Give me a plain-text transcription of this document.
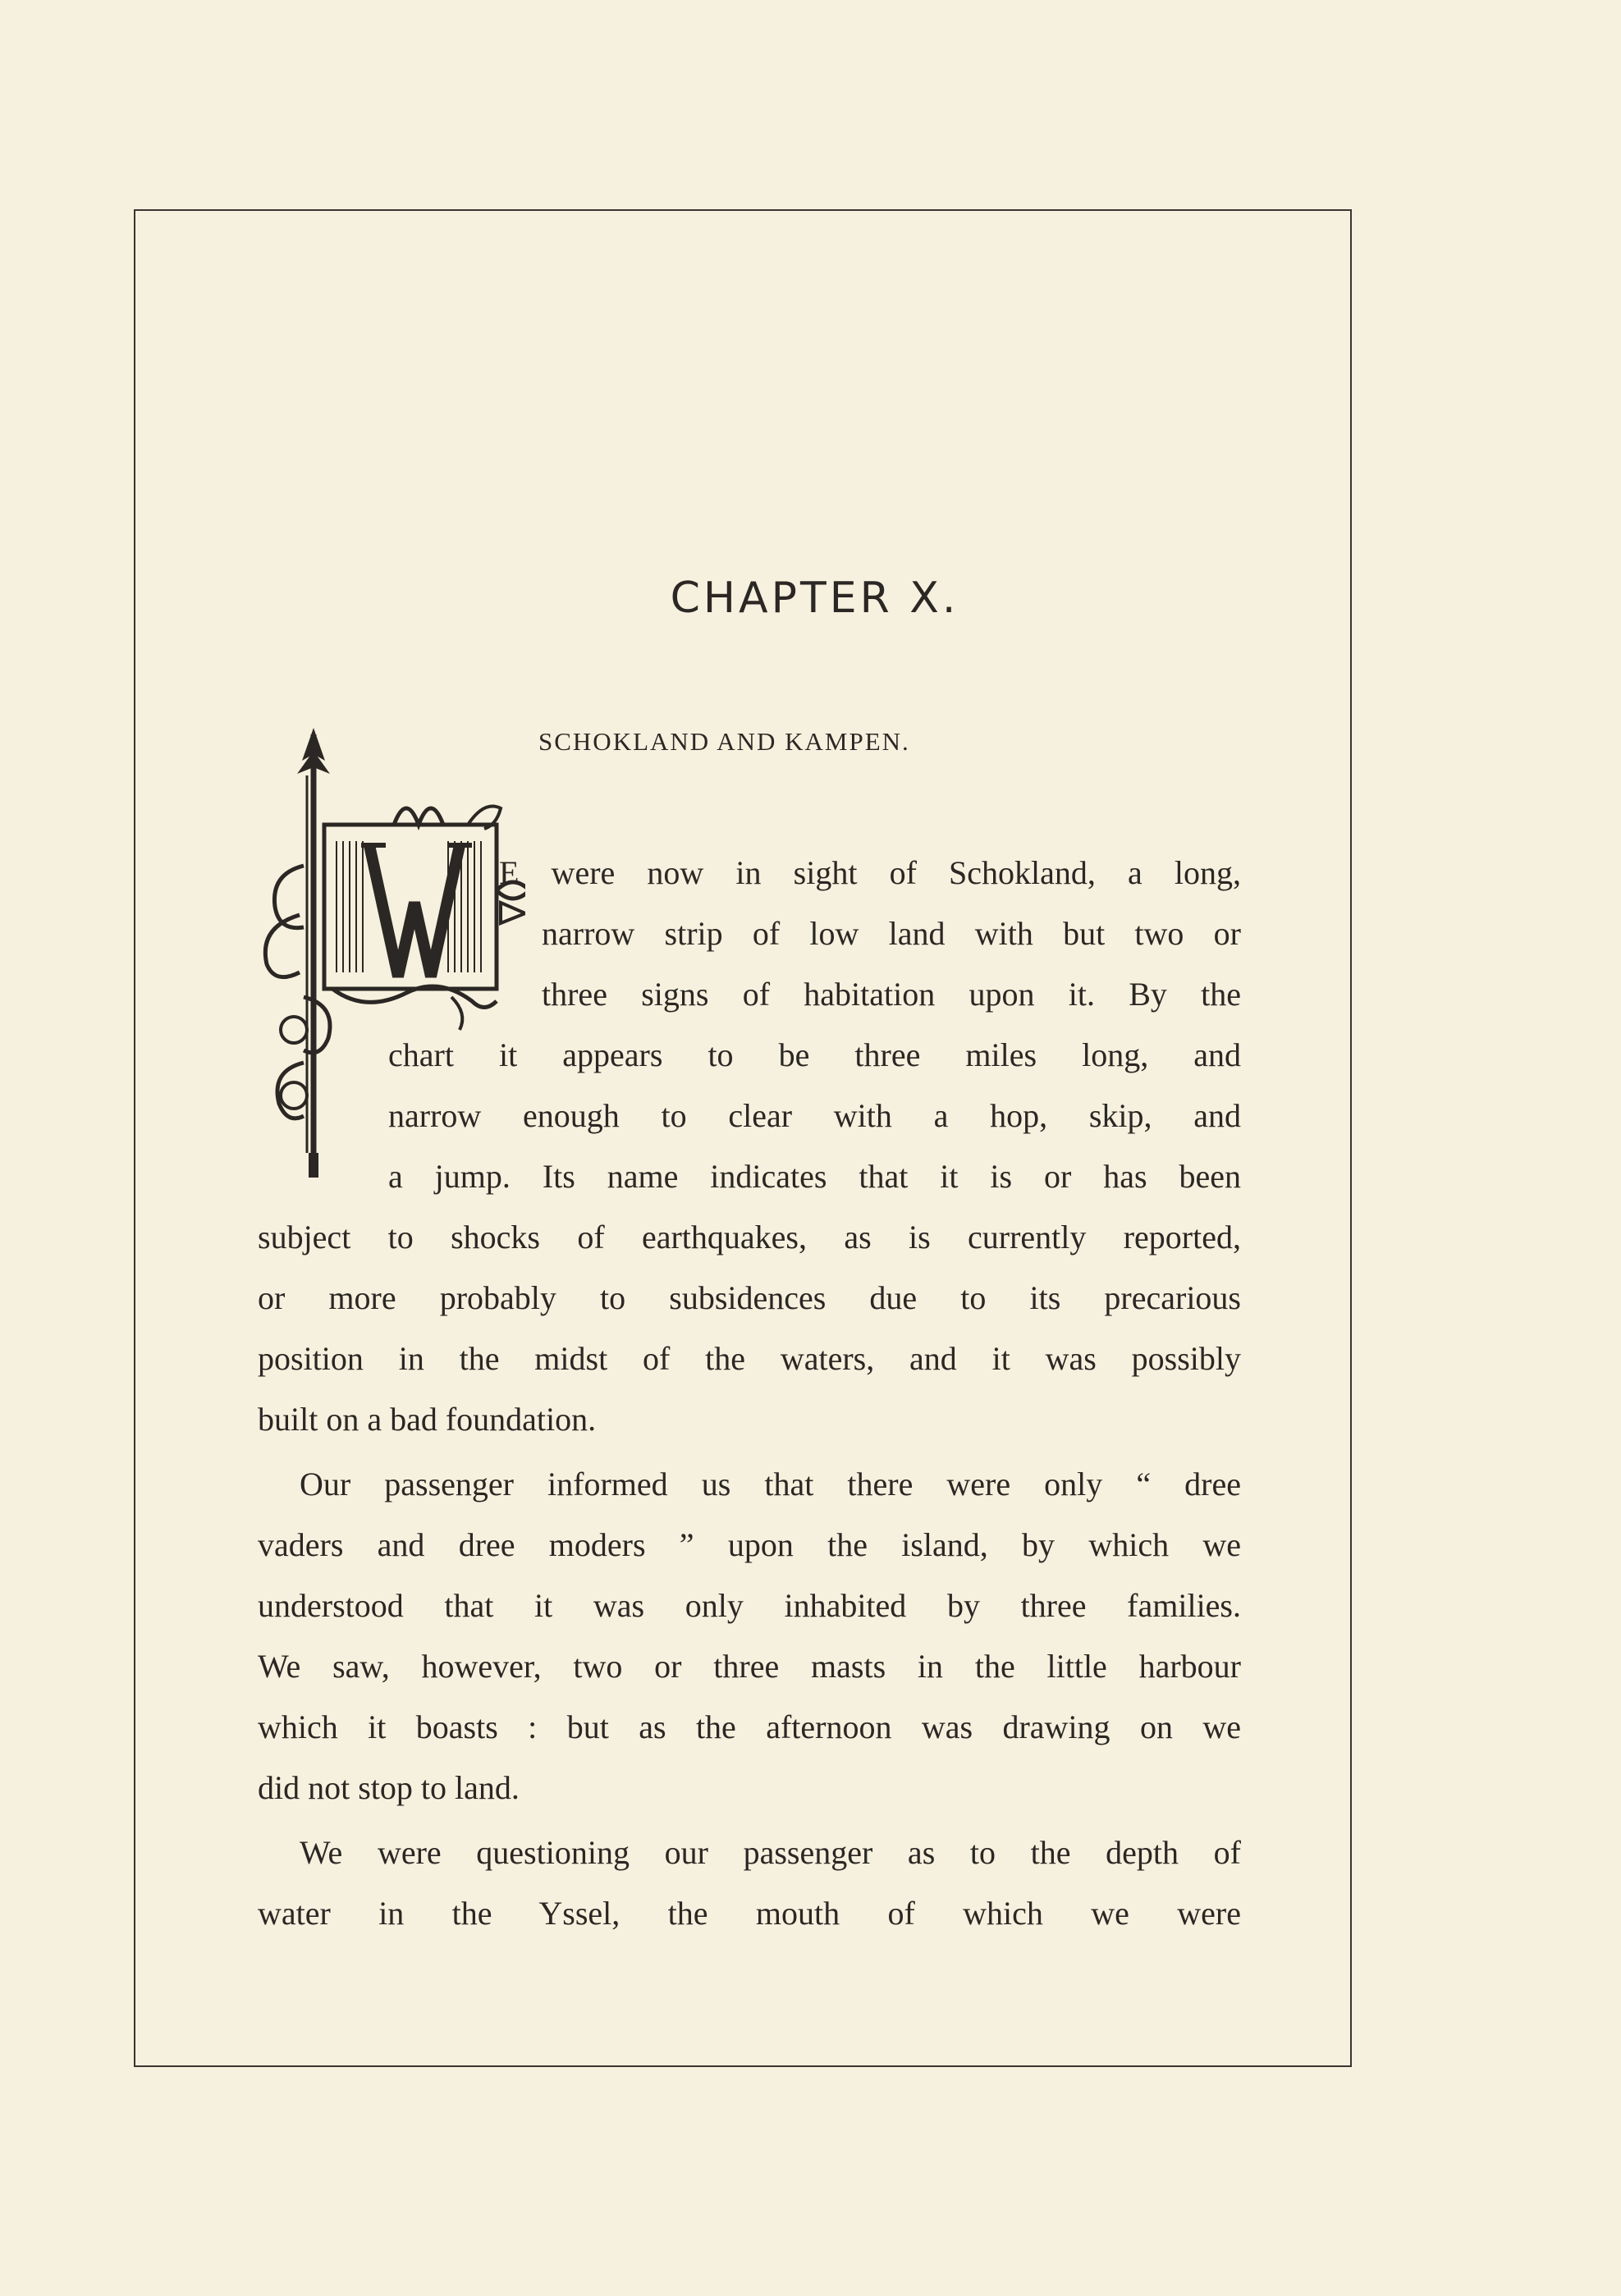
CHAPTER X.
SCHOKLAND AND KAMPEN.
E were now in sight of Schokland, a long,
narrow strip of low land with but two or
three signs of habitation upon it. By the
chart it appears to be three miles long, and
narrow enough to clear with a hop, skip, and
a jump. Its name indicates that it is or has been
subject to shocks of earthquakes, as is currently reported,
or more probably to subsidences due to its precarious
position in the midst of the waters, and it was possibly
built on a bad foundation.
Our passenger informed us that there were only “ dree
vaders and dree moders ” upon the island, by which we
understood that it was only inhabited by three families.
We saw, however, two or three masts in the little harbour
which it boasts : but as the afternoon was drawing on we
did not stop to land.
We were questioning our passenger as to the depth of
water in the Yssel, the mouth of which we were
